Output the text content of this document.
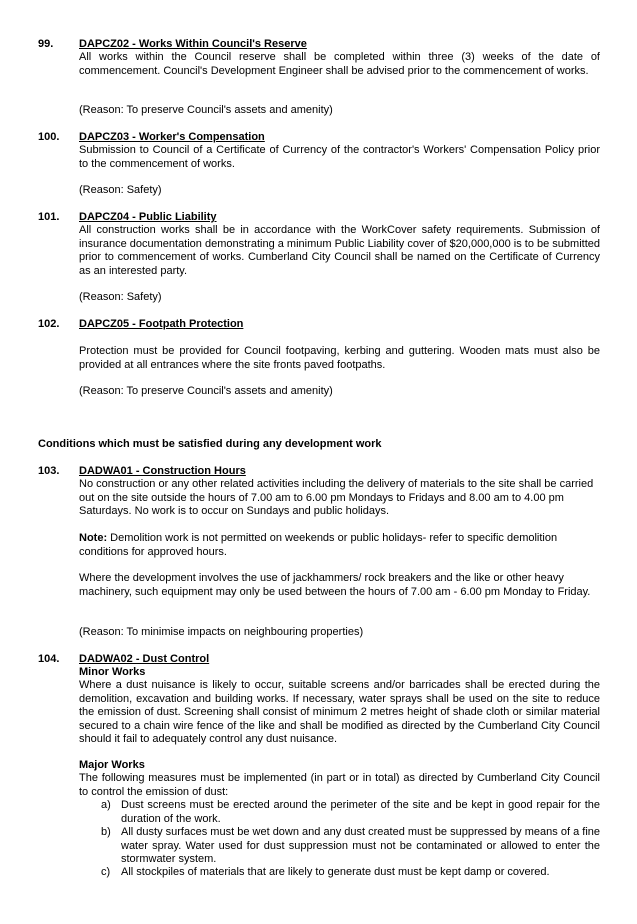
99. DAPCZ02 - Works Within Council's Reserve
All works within the Council reserve shall be completed within three (3) weeks of the date of commencement. Council's Development Engineer shall be advised prior to the commencement of works.
(Reason: To preserve Council's assets and amenity)
100. DAPCZ03 - Worker's Compensation
Submission to Council of a Certificate of Currency of the contractor's Workers' Compensation Policy prior to the commencement of works.
(Reason: Safety)
101. DAPCZ04 - Public Liability
All construction works shall be in accordance with the WorkCover safety requirements. Submission of insurance documentation demonstrating a minimum Public Liability cover of $20,000,000 is to be submitted prior to commencement of works. Cumberland City Council shall be named on the Certificate of Currency as an interested party.
(Reason: Safety)
102. DAPCZ05 - Footpath Protection
Protection must be provided for Council footpaving, kerbing and guttering. Wooden mats must also be provided at all entrances where the site fronts paved footpaths.
(Reason: To preserve Council's assets and amenity)
Conditions which must be satisfied during any development work
103. DADWA01 - Construction Hours
No construction or any other related activities including the delivery of materials to the site shall be carried out on the site outside the hours of 7.00 am to 6.00 pm Mondays to Fridays and 8.00 am to 4.00 pm Saturdays. No work is to occur on Sundays and public holidays.
Note: Demolition work is not permitted on weekends or public holidays- refer to specific demolition conditions for approved hours.
Where the development involves the use of jackhammers/ rock breakers and the like or other heavy machinery, such equipment may only be used between the hours of 7.00 am - 6.00 pm Monday to Friday.
(Reason: To minimise impacts on neighbouring properties)
104. DADWA02 - Dust Control
Minor Works
Where a dust nuisance is likely to occur, suitable screens and/or barricades shall be erected during the demolition, excavation and building works. If necessary, water sprays shall be used on the site to reduce the emission of dust. Screening shall consist of minimum 2 metres height of shade cloth or similar material secured to a chain wire fence of the like and shall be modified as directed by the Cumberland City Council should it fail to adequately control any dust nuisance.
Major Works
The following measures must be implemented (in part or in total) as directed by Cumberland City Council to control the emission of dust:
a) Dust screens must be erected around the perimeter of the site and be kept in good repair for the duration of the work.
b) All dusty surfaces must be wet down and any dust created must be suppressed by means of a fine water spray. Water used for dust suppression must not be contaminated or allowed to enter the stormwater system.
c) All stockpiles of materials that are likely to generate dust must be kept damp or covered.
